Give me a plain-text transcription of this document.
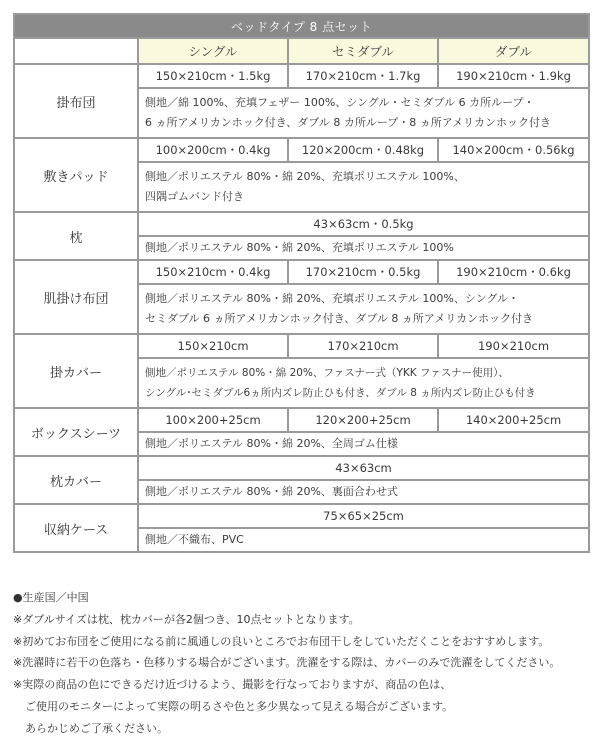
ベッドタイプ 8 点セット			
	シングル	セミダブル	ダブル
掛布団	150×210cm・1.5kg	170×210cm・1.7kg	190×210cm・1.9kg

	側地／綿 100%、充填フェザー 100%、シングル・セミダブル 6 カ所ループ・
6 ヵ所アメリカンホック付き、ダブル 8 カ所ループ・8 ヵ所アメリカンホック付き		

敷きパッド	100×200cm・0.4kg	120×200cm・0.48kg	140×200cm・0.56kg

	側地／ポリエステル 80%・綿 20%、充填ポリエステル 100%、
四隅ゴムバンド付き		

枕	43×63cm・0.5kg		

	側地／ポリエステル 80%・綿 20%、充填ポリエステル 100%		

肌掛け布団	150×210cm・0.4kg	170×210cm・0.5kg	190×210cm・0.6kg

	側地／ポリエステル 80%・綿 20%、充填ポリエステル 100%、シングル・
セミダブル 6 ヵ所アメリカンホック付き、ダブル 8 ヵ所アメリカンホック付き		

掛カバー	150×210cm	170×210cm	190×210cm

	側地／ポリエステル 80%・綿 20%、ファスナー式（YKK ファスナー使用）、
シングル･セミダブル6ヵ所内ズレ防止ひも付き、ダブル 8 ヵ所内ズレ防止ひも付き		

ボックスシーツ	100×200+25cm	120×200+25cm	140×200+25cm

	側地／ポリエステル 80%・綿 20%、全周ゴム仕様		

枕カバー	43×63cm		

	側地／ポリエステル 80%・綿 20%、裏面合わせ式		

収納ケース	75×65×25cm		

	側地／不織布、PVC		
●生産国／中国
※ダブルサイズは枕、枕カバーが各2個つき、10点セットとなります。
※初めてお布団をご使用になる前に風通しの良いところでお布団干しをしていただくことをおすすめします。
※洗濯時に若干の色落ち・色移りする場合がございます。洗濯をする際は、カバーのみで洗濯をしてください。
※実際の商品の色にできるだけ近づけるよう、撮影を行なっておりますが、商品の色は、
ご使用のモニターによって実際の明るさや色と多少異なって見える場合がございます。
あらかじめご了承ください。
